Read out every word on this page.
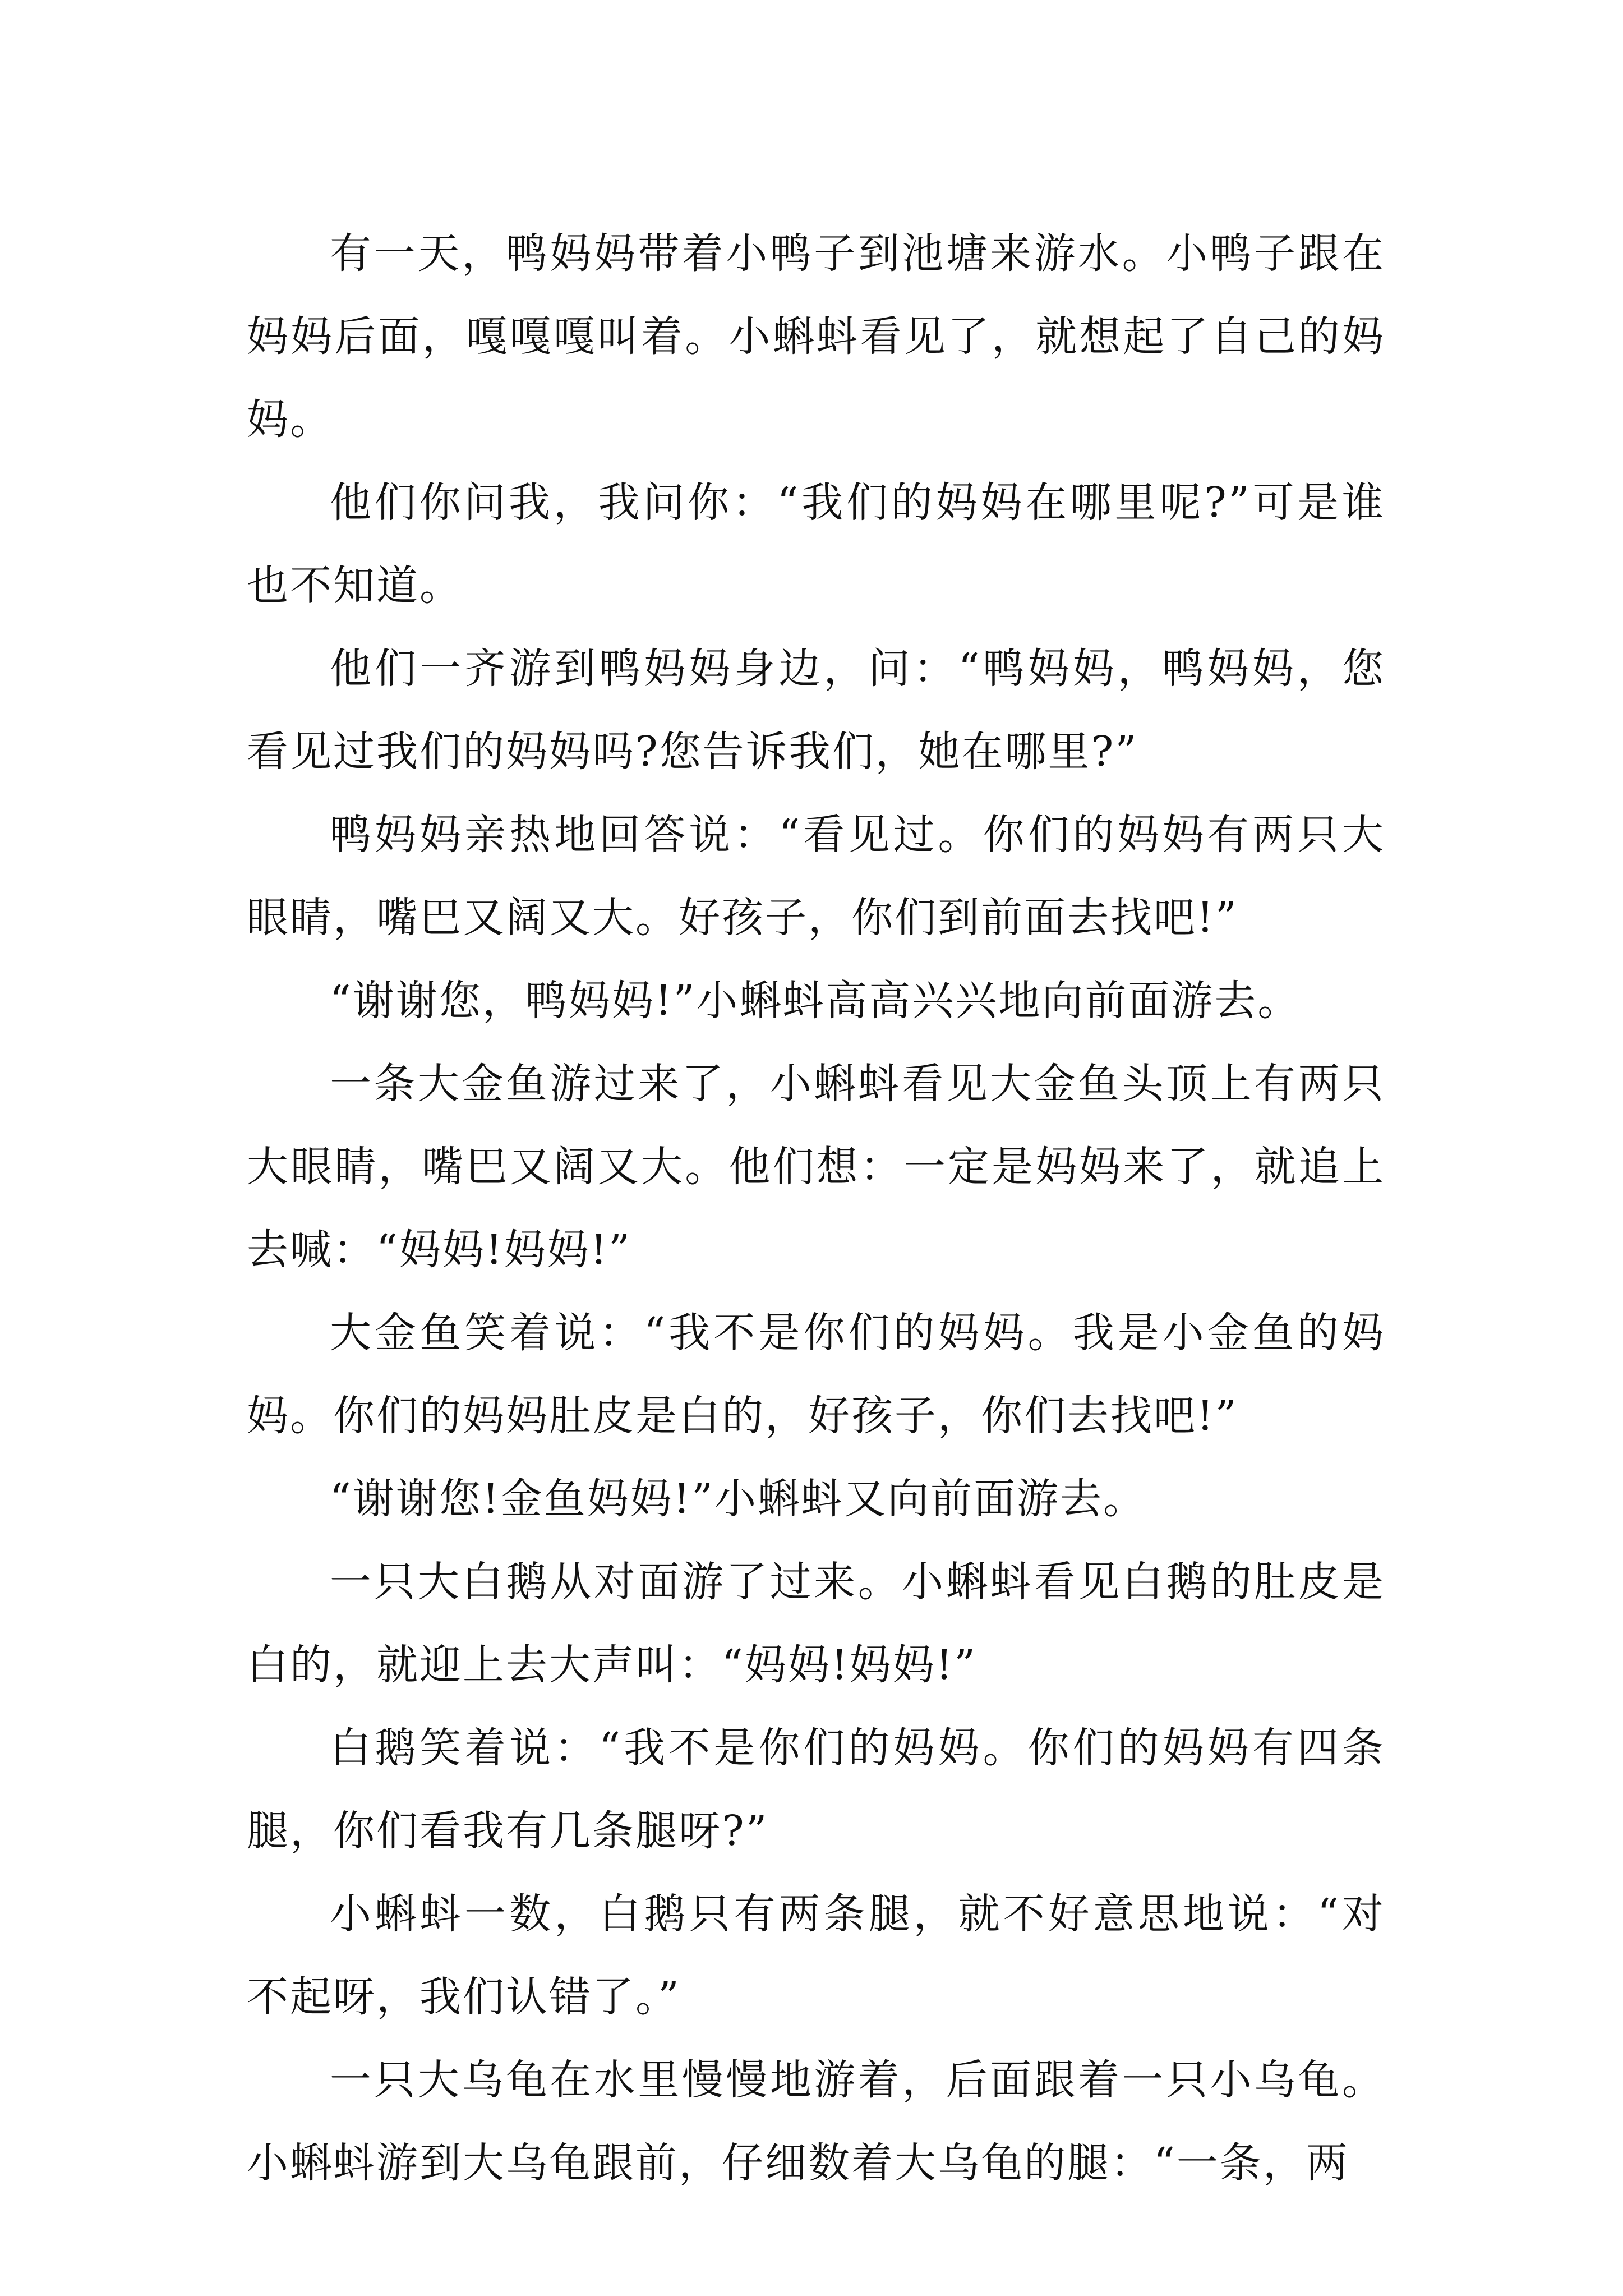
有一天，鸭妈妈带着小鸭子到池塘来游水。小鸭子跟在妈妈后面，嘎嘎嘎叫着。小蝌蚪看见了，就想起了自己的妈妈。

他们你问我，我问你：“我们的妈妈在哪里呢?”可是谁也不知道。

他们一齐游到鸭妈妈身边，问：“鸭妈妈，鸭妈妈，您看见过我们的妈妈吗?您告诉我们，她在哪里?”

鸭妈妈亲热地回答说：“看见过。你们的妈妈有两只大眼睛，嘴巴又阔又大。好孩子，你们到前面去找吧!”

“谢谢您，鸭妈妈!”小蝌蚪高高兴兴地向前面游去。

一条大金鱼游过来了，小蝌蚪看见大金鱼头顶上有两只大眼睛，嘴巴又阔又大。他们想：一定是妈妈来了，就追上去喊：“妈妈!妈妈!”

大金鱼笑着说：“我不是你们的妈妈。我是小金鱼的妈妈。你们的妈妈肚皮是白的，好孩子，你们去找吧!”

“谢谢您!金鱼妈妈!”小蝌蚪又向前面游去。

一只大白鹅从对面游了过来。小蝌蚪看见白鹅的肚皮是白的，就迎上去大声叫：“妈妈!妈妈!”

白鹅笑着说：“我不是你们的妈妈。你们的妈妈有四条腿，你们看我有几条腿呀?”

小蝌蚪一数，白鹅只有两条腿，就不好意思地说：“对不起呀，我们认错了。”

一只大乌龟在水里慢慢地游着，后面跟着一只小乌龟。小蝌蚪游到大乌龟跟前，仔细数着大乌龟的腿：“一条，两
